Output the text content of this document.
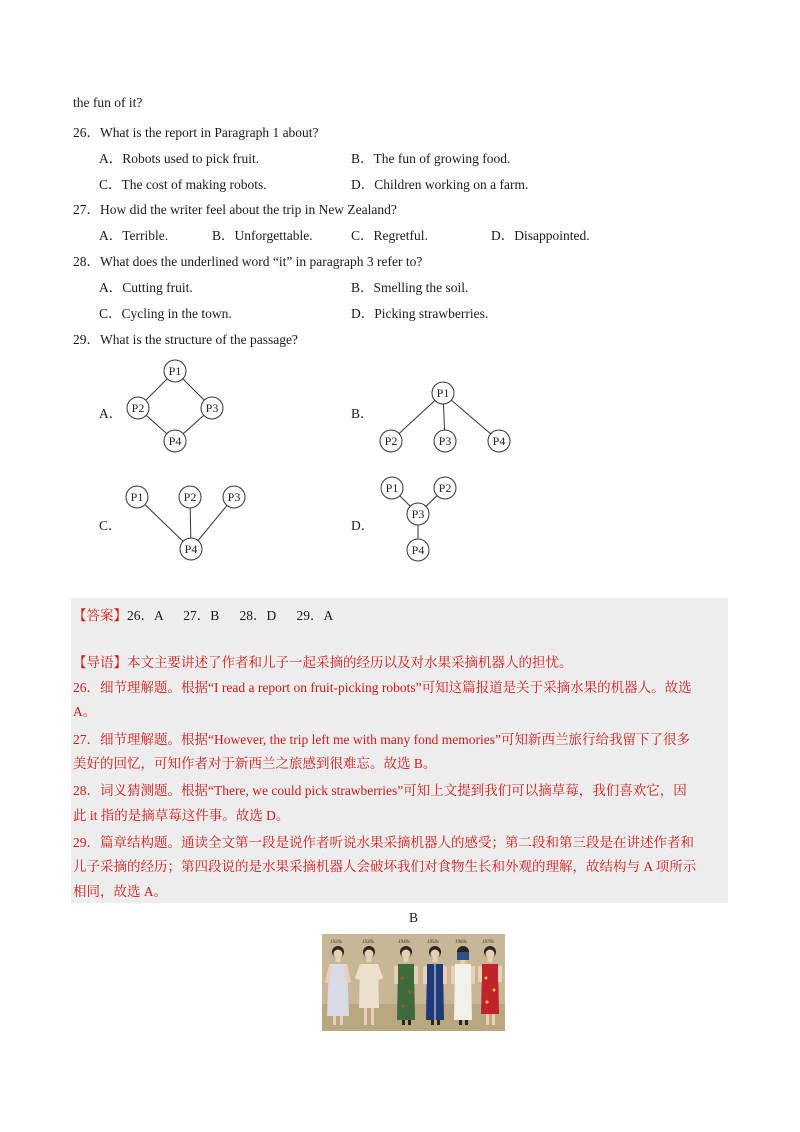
the fun of it?
26．What is the report in Paragraph 1 about?
A．Robots used to pick fruit.	B．The fun of growing food.
C．The cost of making robots.	D．Children working on a farm.
27．How did the writer feel about the trip in New Zealand?
A．Terrible.	B．Unforgettable.	C．Regretful.	D．Disappointed.
28．What does the underlined word “it” in paragraph 3 refer to?
A．Cutting fruit.	B．Smelling the soil.
C．Cycling in the town.	D．Picking strawberries.
29．What is the structure of the passage?
A．	B．
C．	D．
P1
P2	P3
P4
P1
P2	P3	P4
P1	P2	P3
P4
P1	P2
P3
P4
【答案】26．A      27．B      28．D      29．A
【导语】本文主要讲述了作者和儿子一起采摘的经历以及对水果采摘机器人的担忧。
26．细节理解题。根据“I read a report on fruit-picking robots”可知这篇报道是关于采摘水果的机器人。故选
A。
27．细节理解题。根据“However, the trip left me with many fond memories”可知新西兰旅行给我留下了很多
美好的回忆，可知作者对于新西兰之旅感到很难忘。故选 B。
28．词义猜测题。根据“There, we could pick strawberries”可知上文提到我们可以摘草莓，我们喜欢它，因
此 it 指的是摘草莓这件事。故选 D。
29．篇章结构题。通读全文第一段是说作者听说水果采摘机器人的感受；第二段和第三段是在讲述作者和
儿子采摘的经历；第四段说的是水果采摘机器人会破坏我们对食物生长和外观的理解，故结构与 A 项所示
相同，故选 A。
B
1920s	1930s	1940s	1950s	1960s	1970s
